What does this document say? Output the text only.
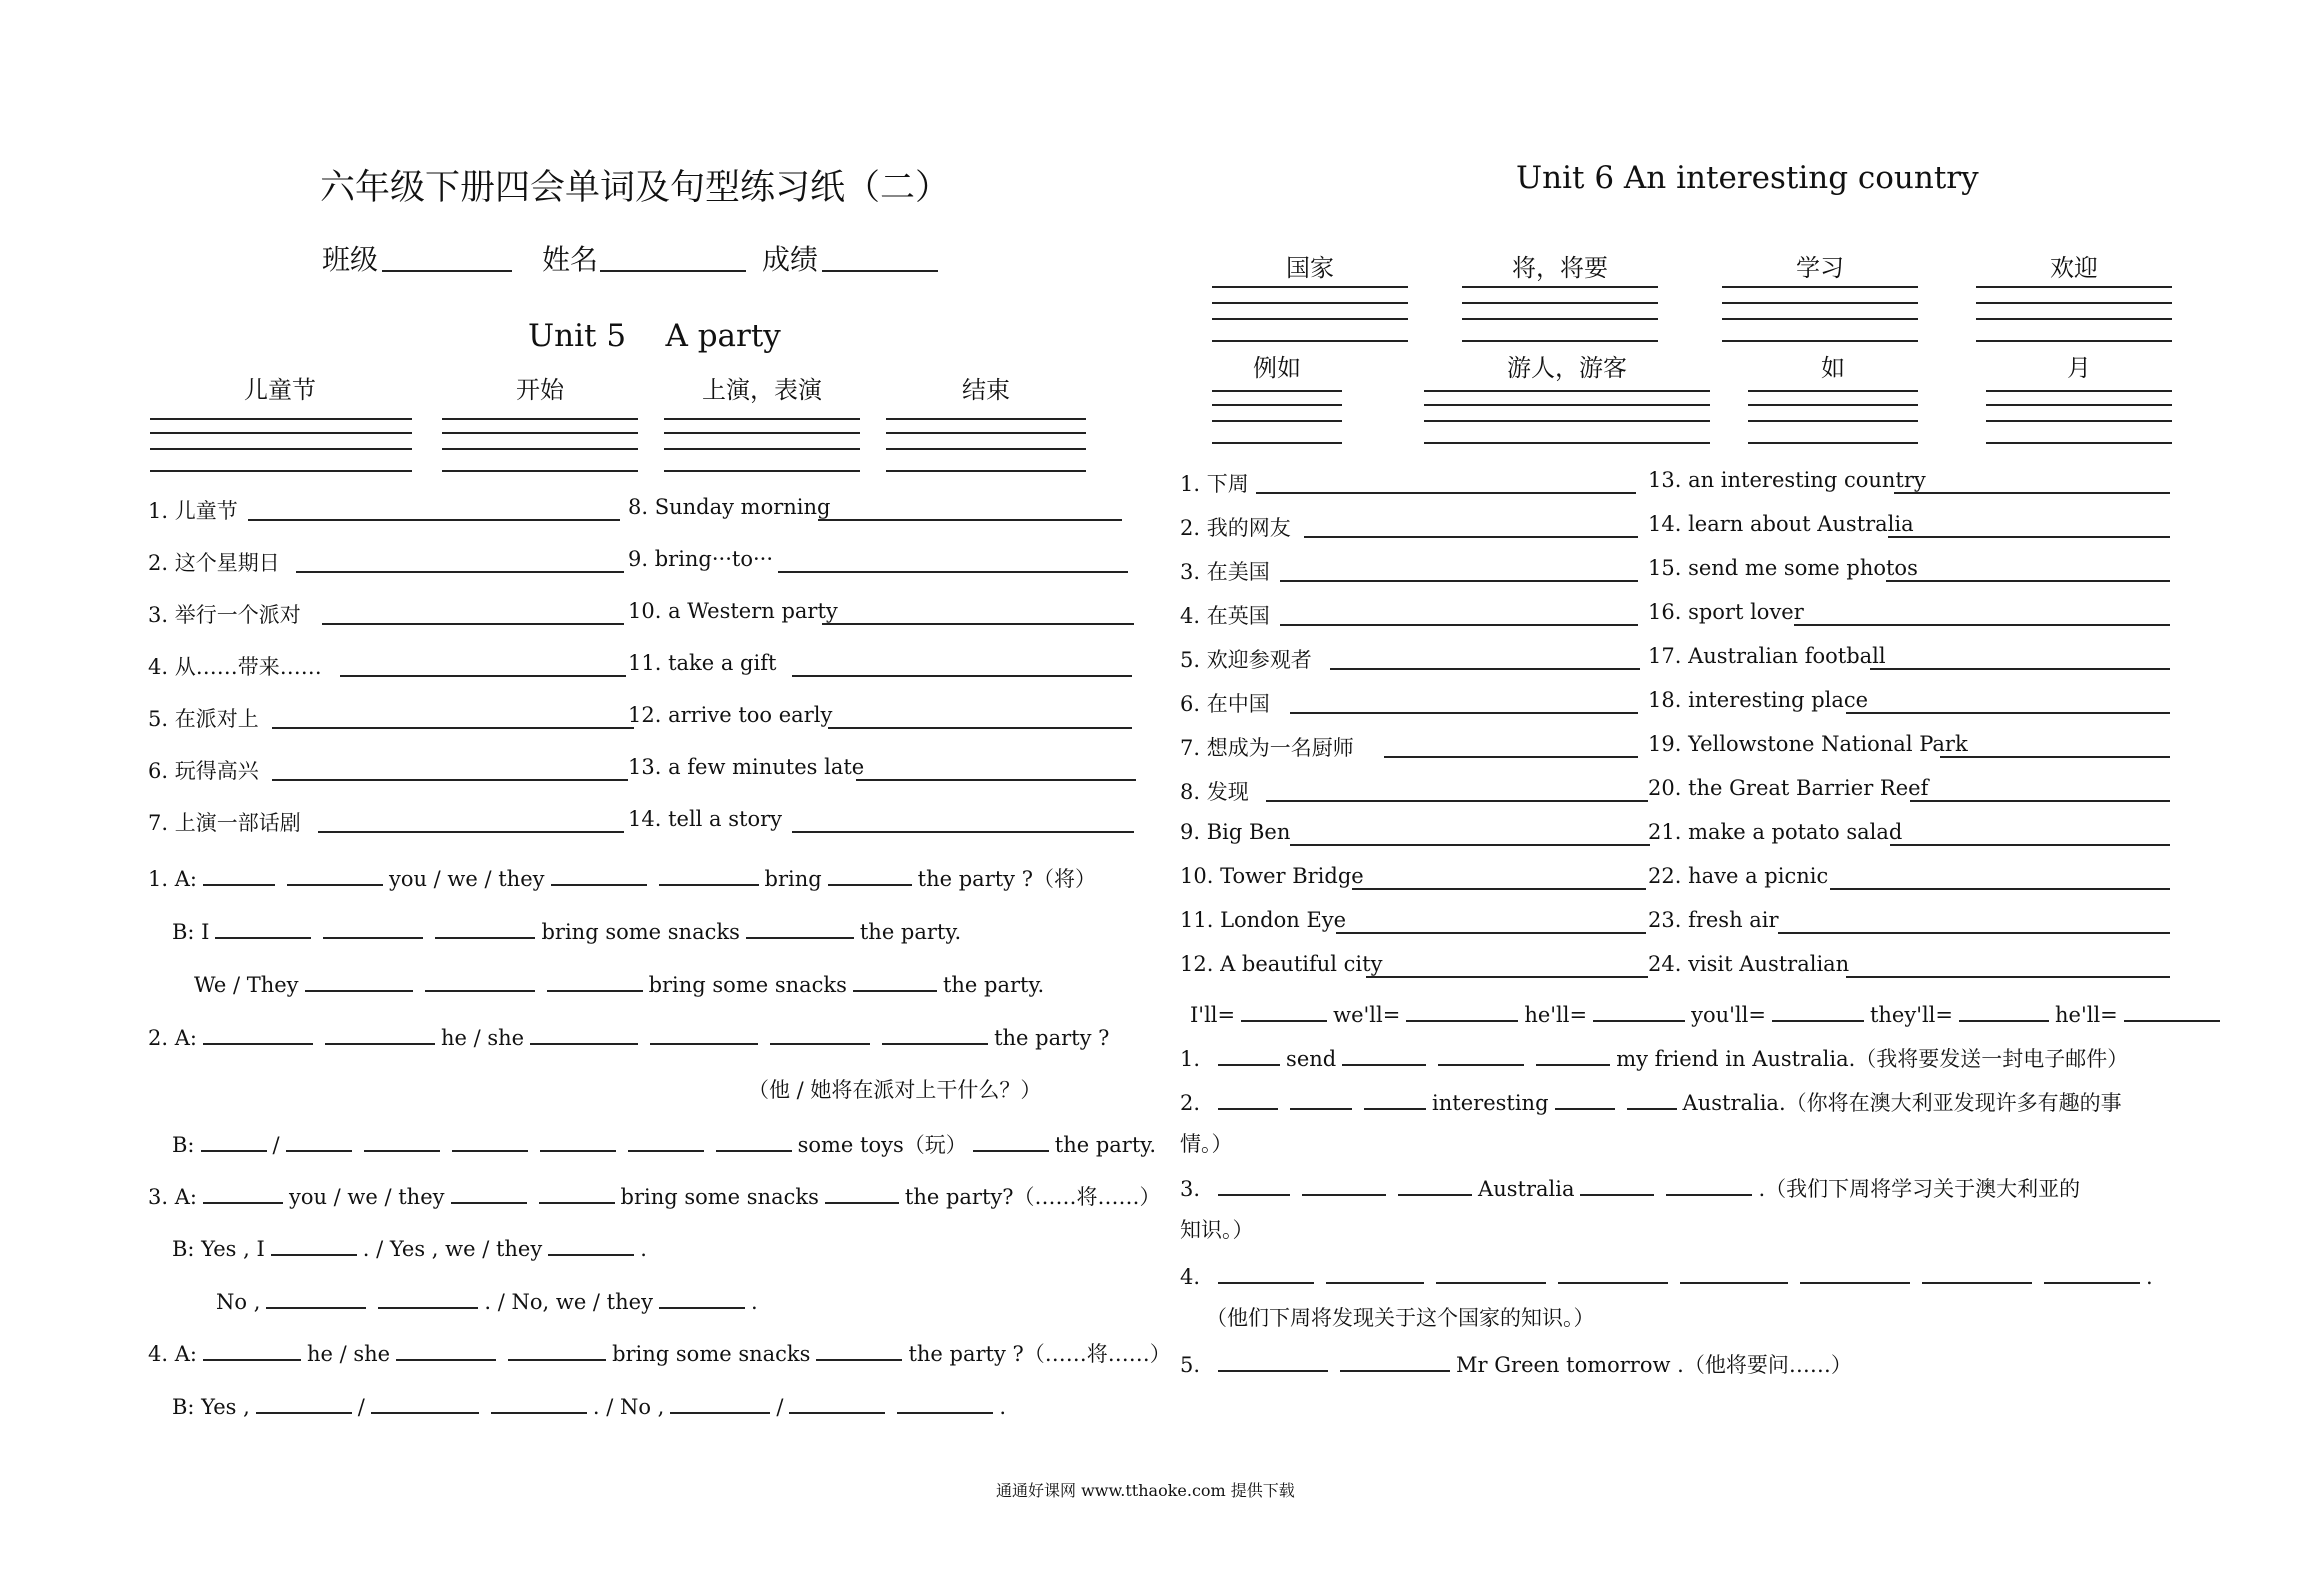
六年级下册四会单词及句型练习纸（二）
班级	姓名	成绩
Unit 5    A party
儿童节	开始	上演，表演	结束
1. 儿童节	8. Sunday morning
2. 这个星期日	9. bring···to···
3. 举行一个派对	10. a Western party
4. 从……带来……	11. take a gift
5. 在派对上	12. arrive too early
6. 玩得高兴	13. a few minutes late
7. 上演一部话剧	14. tell a story
1. A:	you / we / they	bring	the party ?（将）
B: I	bring some snacks	the party.
We / They	bring some snacks	the party.
2. A:	he / she	the party ?
（他 / 她将在派对上干什么？）
B:	/	some toys（玩）	the party.
3. A:	you / we / they	bring some snacks	the party?（……将……）
B: Yes , I	. / Yes , we / they	.
No ,	. / No, we / they	.
4. A:	he / she	bring some snacks	the party ?（……将……）
B: Yes ,	/	. / No ,	/	.
Unit 6 An interesting country
国家	将，将要	学习	欢迎
例如	游人，游客	如	月
1. 下周	13. an interesting country
2. 我的网友	14. learn about Australia
3. 在美国	15. send me some photos
4. 在英国	16. sport lover
5. 欢迎参观者	17. Australian football
6. 在中国	18. interesting place
7. 想成为一名厨师	19. Yellowstone National Park
8. 发现	20. the Great Barrier Reef
9. Big Ben	21. make a potato salad
10. Tower Bridge	22. have a picnic
11. London Eye	23. fresh air
12. A beautiful city	24. visit Australian
I'll=	we'll=	he'll=	you'll=	they'll=	he'll=
1.	send	my friend in Australia.（我将要发送一封电子邮件）
2.	interesting	Australia.（你将在澳大利亚发现许多有趣的事
情。）
3.	Australia	.（我们下周将学习关于澳大利亚的
知识。）
4.	.
（他们下周将发现关于这个国家的知识。）
5.	Mr Green tomorrow .（他将要问……）
通通好课网 www.tthaoke.com 提供下载
